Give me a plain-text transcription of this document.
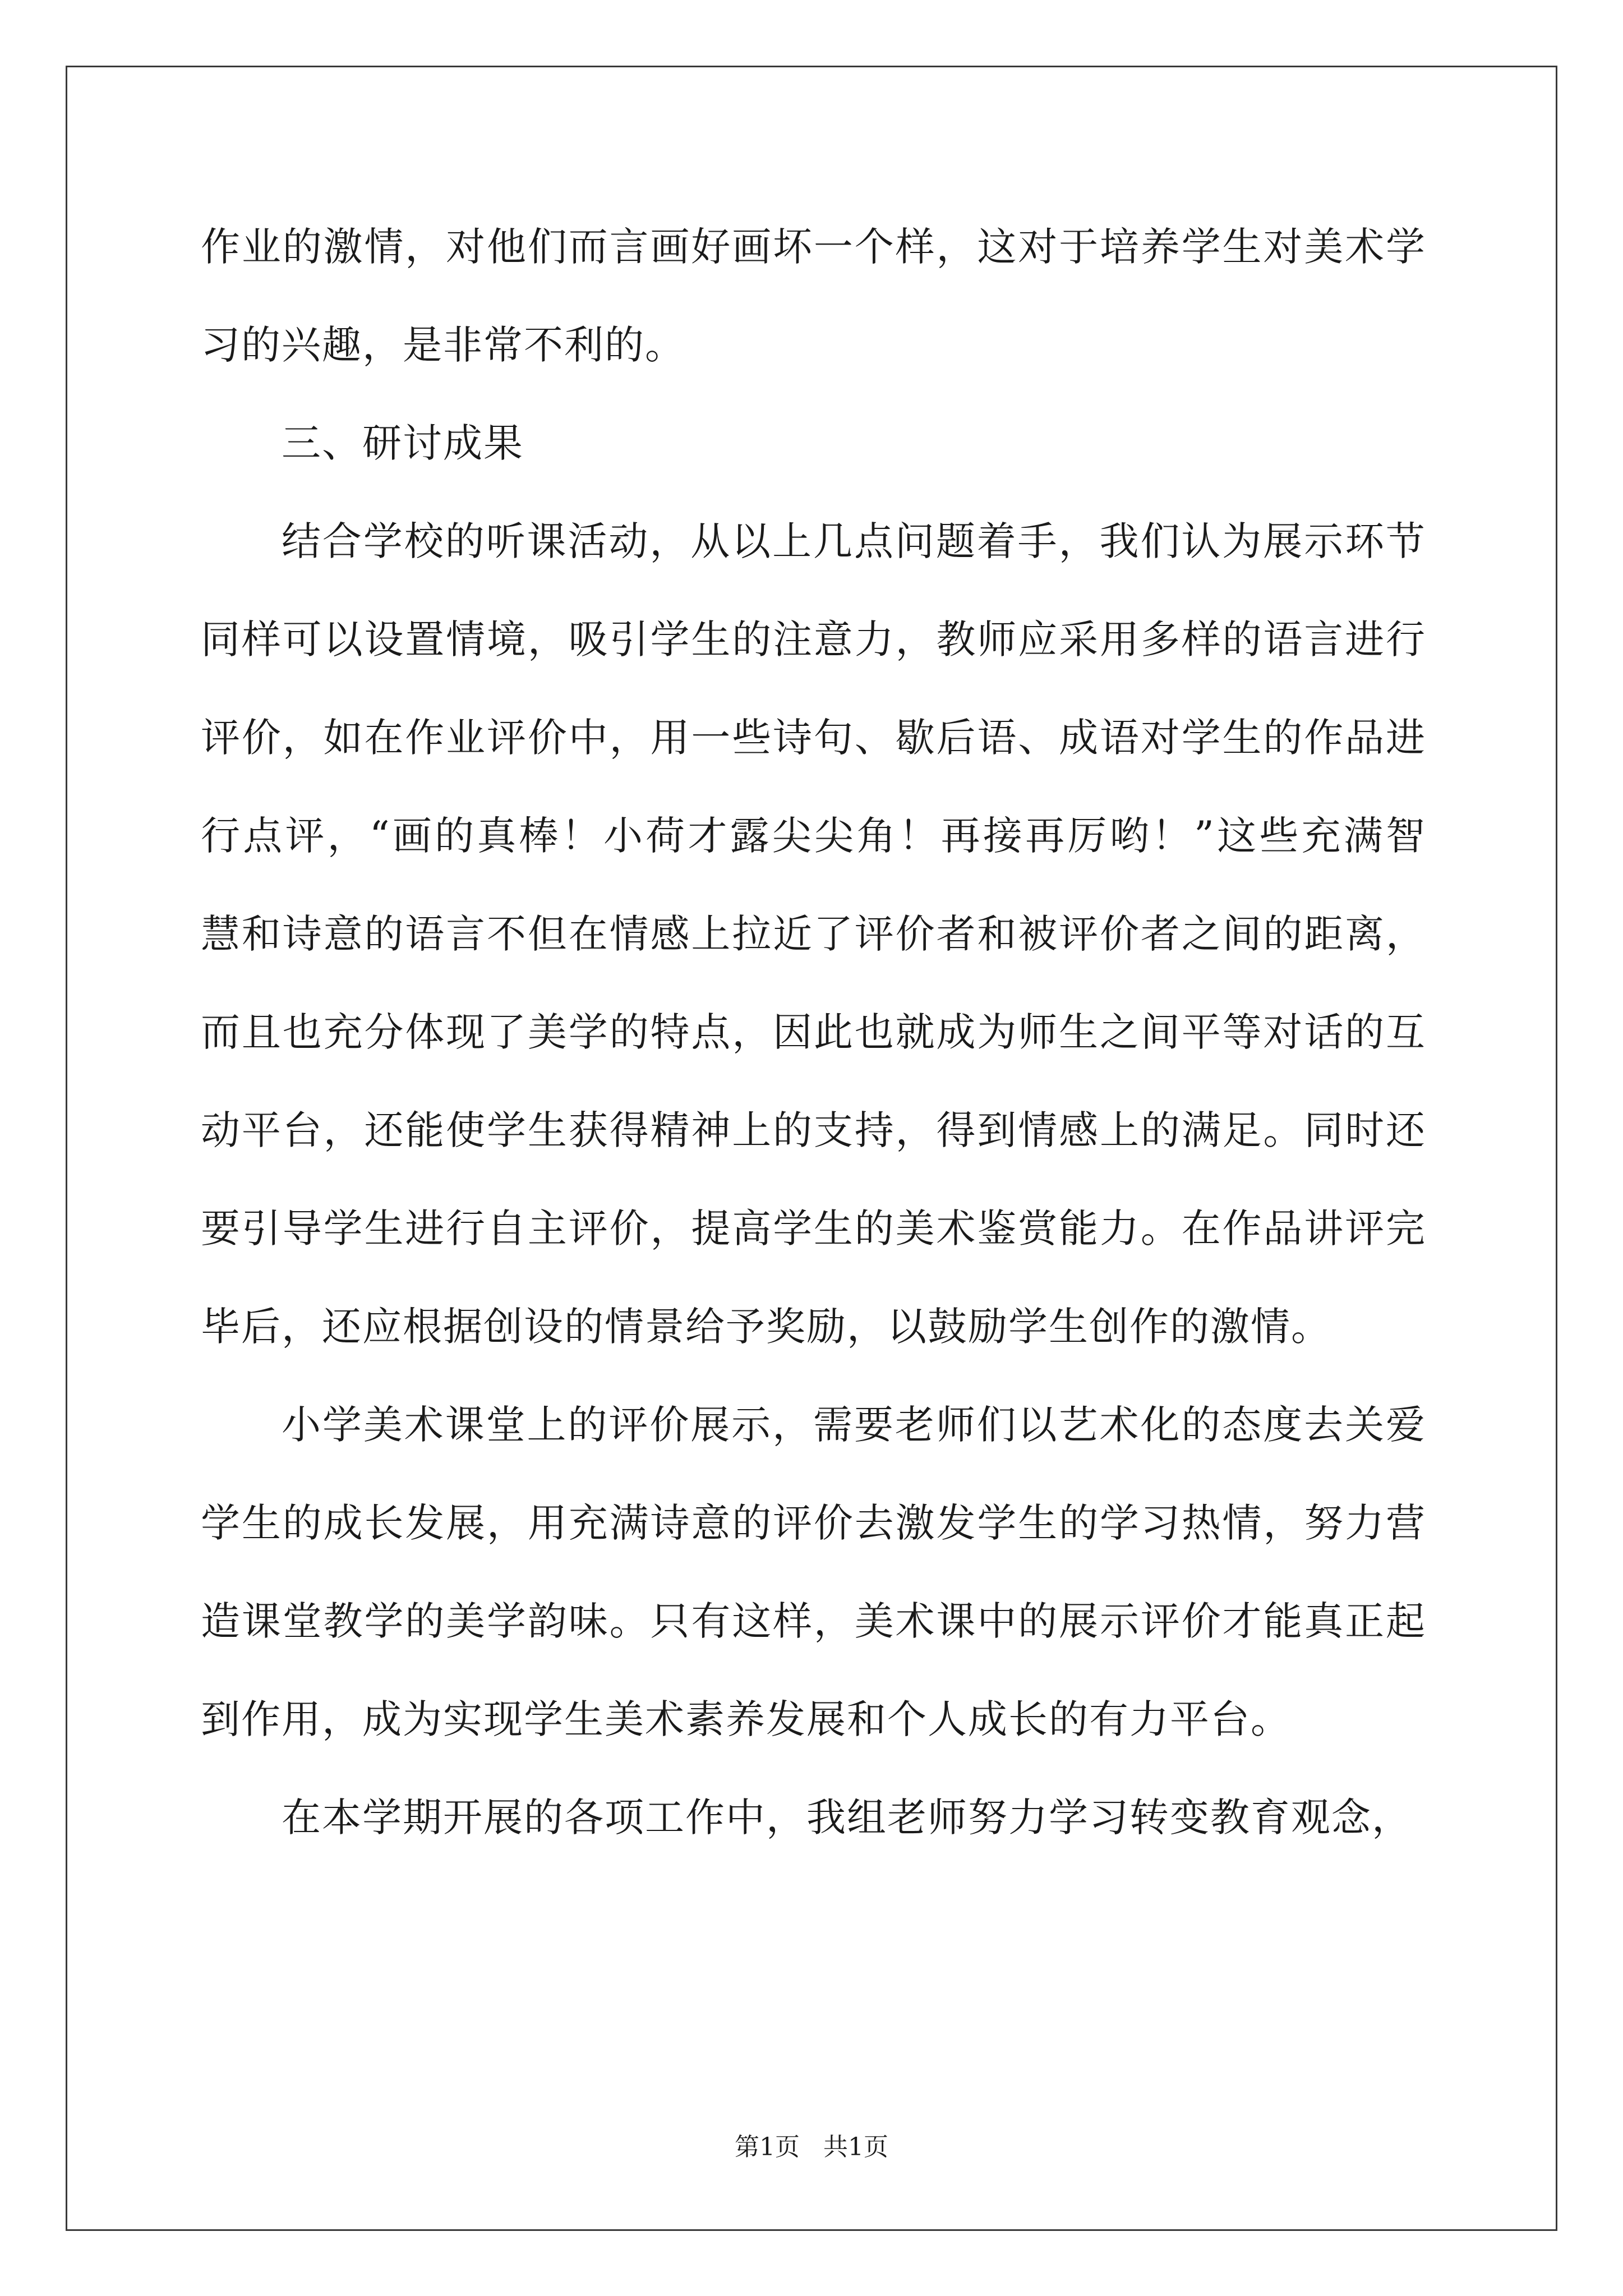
作业的激情，对他们而言画好画坏一个样，这对于培养学生对美术学
习的兴趣，是非常不利的。
三、研讨成果
结合学校的听课活动，从以上几点问题着手，我们认为展示环节
同样可以设置情境，吸引学生的注意力，教师应采用多样的语言进行
评价，如在作业评价中，用一些诗句、歇后语、成语对学生的作品进
行点评，“画的真棒！小荷才露尖尖角！再接再厉哟！”这些充满智
慧和诗意的语言不但在情感上拉近了评价者和被评价者之间的距离，
而且也充分体现了美学的特点，因此也就成为师生之间平等对话的互
动平台，还能使学生获得精神上的支持，得到情感上的满足。同时还
要引导学生进行自主评价，提高学生的美术鉴赏能力。在作品讲评完
毕后，还应根据创设的情景给予奖励，以鼓励学生创作的激情。
小学美术课堂上的评价展示，需要老师们以艺术化的态度去关爱
学生的成长发展，用充满诗意的评价去激发学生的学习热情，努力营
造课堂教学的美学韵味。只有这样，美术课中的展示评价才能真正起
到作用，成为实现学生美术素养发展和个人成长的有力平台。
在本学期开展的各项工作中，我组老师努力学习转变教育观念，
第1页   共1页
